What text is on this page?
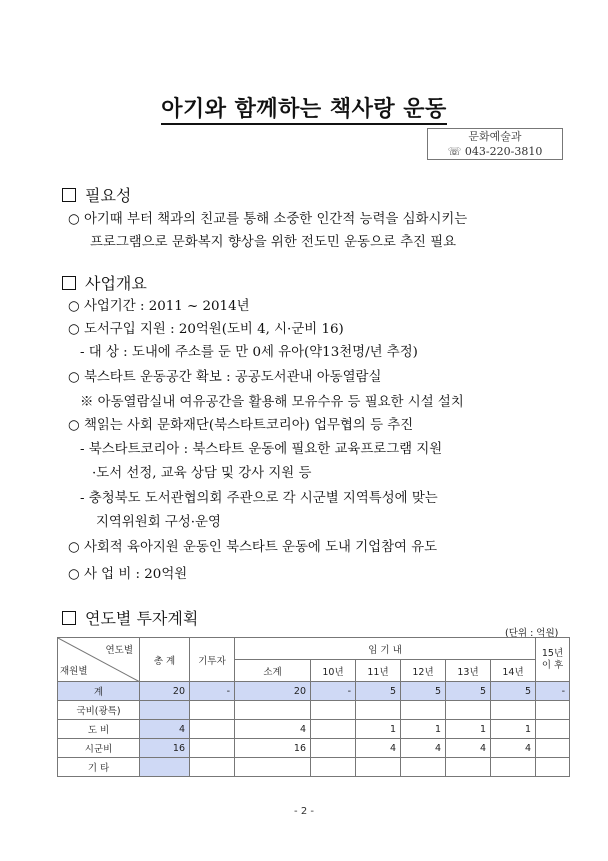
아기와 함께하는 책사랑 운동
문화예술과
☏ 043-220-3810
필요성
○ 아기때 부터 책과의 친교를 통해 소중한 인간적 능력을 심화시키는
프로그램으로 문화복지 향상을 위한 전도민 운동으로 추진 필요
사업개요
○ 사업기간 : 2011 ~ 2014년
○ 도서구입 지원 : 20억원(도비 4, 시·군비 16)
- 대 상 : 도내에 주소를 둔 만 0세 유아(약13천명/년 추정)
○ 북스타트 운동공간 확보 : 공공도서관내 아동열람실
※ 아동열람실내 여유공간을 활용해 모유수유 등 필요한 시설 설치
○ 책읽는 사회 문화재단(북스타트코리아) 업무협의 등 추진
- 북스타트코리아 : 북스타트 운동에 필요한 교육프로그램 지원
·도서 선정, 교육 상담 및 강사 지원 등
- 충청북도 도서관협의회 주관으로 각 시군별 지역특성에 맞는
지역위원회 구성·운영
○ 사회적 육아지원 운동인 북스타트 운동에 도내 기업참여 유도
○ 사 업 비 : 20억원
연도별 투자계획
(단위 : 억원)
연도별
재원별	총 계	기투자	임 기 내						15년
이 후
			소계	10년	11년	12년	13년	14년	
계	20	-	20	-	5	5	5	5	-
국비(광특)									
도 비	4		4		1	1	1	1	
시군비	16		16		4	4	4	4	
기 타									
- 2 -
